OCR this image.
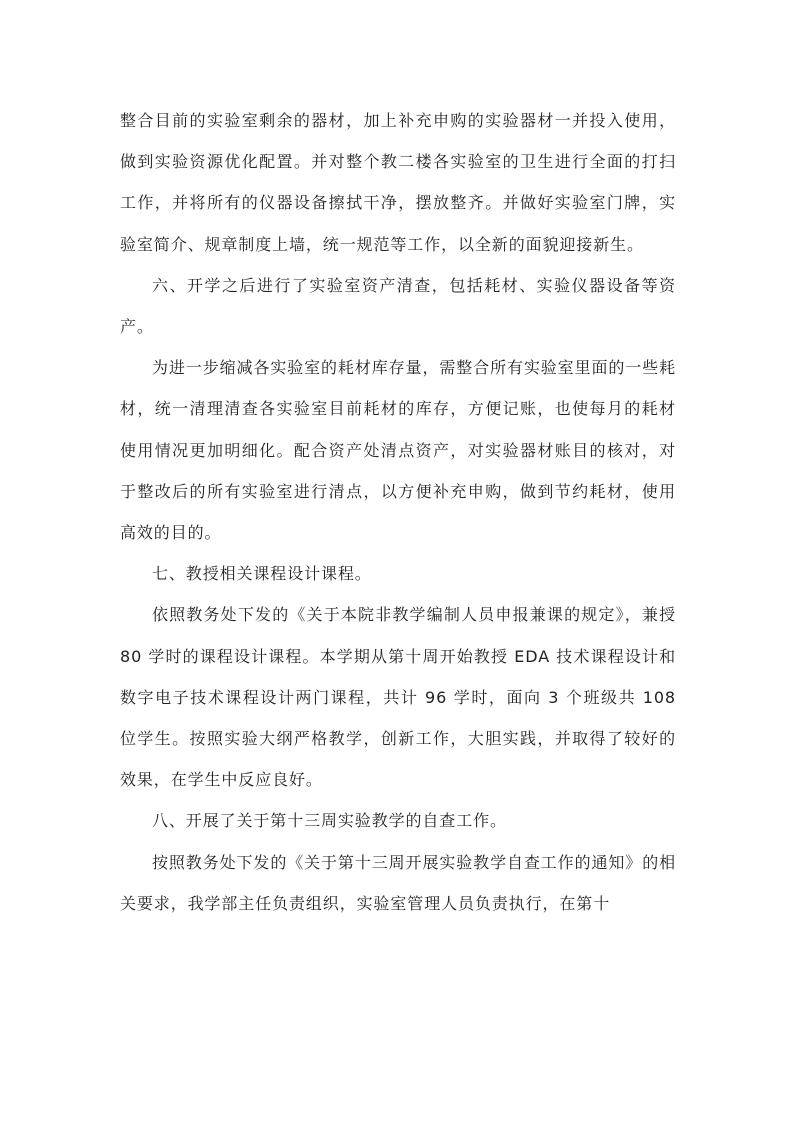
整合目前的实验室剩余的器材，加上补充申购的实验器材一并投入使用，做到实验资源优化配置。并对整个教二楼各实验室的卫生进行全面的打扫工作，并将所有的仪器设备擦拭干净，摆放整齐。并做好实验室门牌，实验室简介、规章制度上墙，统一规范等工作，以全新的面貌迎接新生。

六、开学之后进行了实验室资产清查，包括耗材、实验仪器设备等资产。

为进一步缩减各实验室的耗材库存量，需整合所有实验室里面的一些耗材，统一清理清查各实验室目前耗材的库存，方便记账，也使每月的耗材使用情况更加明细化。配合资产处清点资产，对实验器材账目的核对，对于整改后的所有实验室进行清点，以方便补充申购，做到节约耗材，使用高效的目的。

七、教授相关课程设计课程。

依照教务处下发的《关于本院非教学编制人员申报兼课的规定》，兼授 80 学时的课程设计课程。本学期从第十周开始教授 EDA 技术课程设计和数字电子技术课程设计两门课程，共计 96 学时，面向 3 个班级共 108 位学生。按照实验大纲严格教学，创新工作，大胆实践，并取得了较好的效果，在学生中反应良好。

八、开展了关于第十三周实验教学的自查工作。

按照教务处下发的《关于第十三周开展实验教学自查工作的通知》的相关要求，我学部主任负责组织，实验室管理人员负责执行，在第十
